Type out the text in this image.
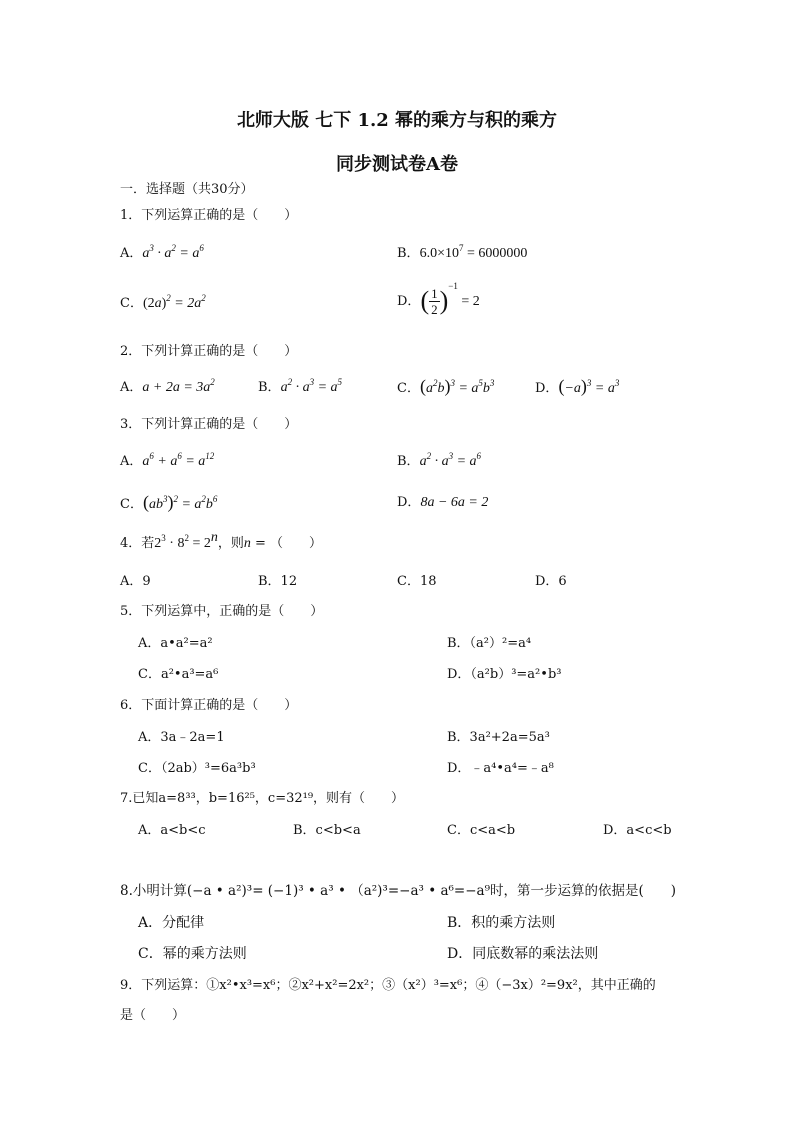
北师大版 七下 1.2 幂的乘方与积的乘方
同步测试卷A卷
一．选择题（共30分）
1．下列运算正确的是（　　）
A．$a^3 \cdot a^2 = a^6$	B．$6.0\times 10^7 = 6000000$
C．$(2a)^2 = 2a^2$	D．( $\frac{1}{2} )^{-1} = 2$
2．下列计算正确的是（　　）
A．$a + 2a = 3a^2$	B．$a^2 \cdot a^3 = a^5$	C．$(a^2b)^3 = a^5b^3$	D．$(-a)^3 = a^3$
3．下列计算正确的是（　　）
A．$a^6 + a^6 = a^{12}$	B．$a^2 \cdot a^3 = a^6$
C．$(ab^3)^2 = a^2b^6$	D．8a − 6a = 2
4．若$2^3 \cdot 8^2 = 2^n$，则n = （　　）
A．9	B．12	C．18	D．6
5．下列运算中，正确的是（　　）
A．a•a²=a²	B．（a²）²=a⁴
C．a²•a³=a⁶	D．（a²b）³=a²•b³
6．下面计算正确的是（　　）
A．3a﹣2a=1	B．3a²+2a=5a³
C．（2ab）³=6a³b³	D．﹣a⁴•a⁴=﹣a⁸
7.已知a=8³³，b=16²⁵，c=32¹⁹，则有（　　）
A．a<b<c	B．c<b<a	C．c<a<b	D．a<c<b
8.小明计算(−a • a²)³= (−1)³ • a³ • （a²)³=−a³ • a⁶=−a⁹时，第一步运算的依据是(　　)
A．分配律	B．积的乘方法则
C．幂的乘方法则	D．同底数幂的乘法法则
9．下列运算：①x²•x³=x⁶；②x²+x²=2x²；③（x²）³=x⁶；④（−3x）²=9x²，其中正确的
是（　　）
